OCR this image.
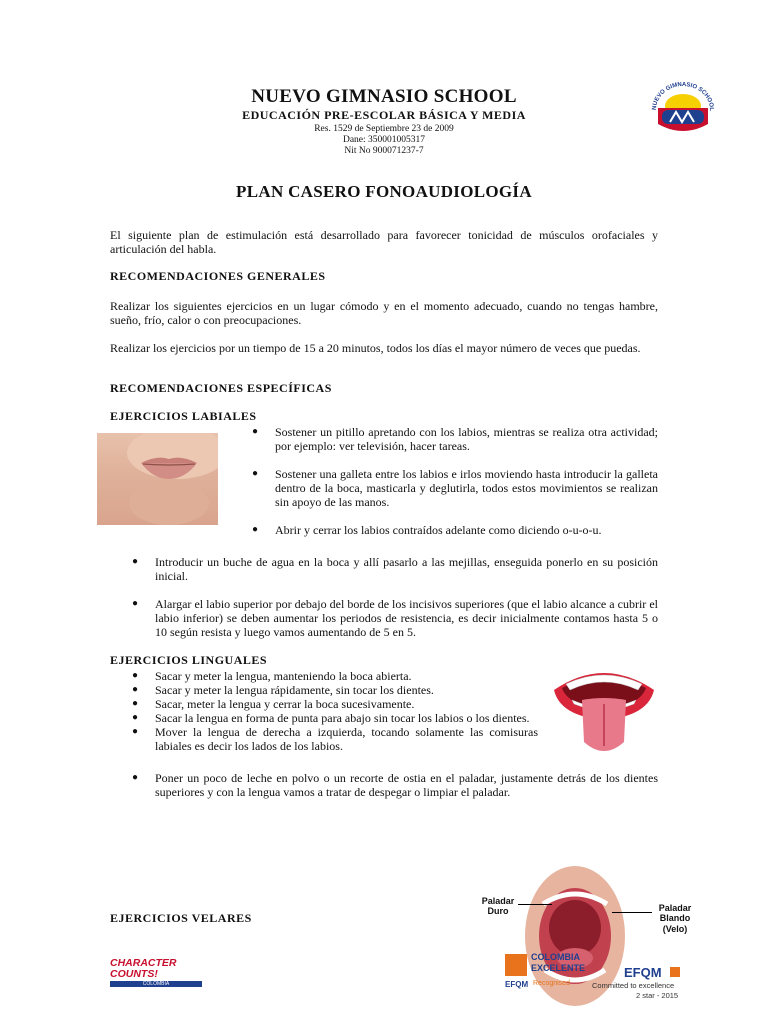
NUEVO GIMNASIO SCHOOL
EDUCACIÓN PRE-ESCOLAR BÁSICA Y MEDIA
Res. 1529 de Septiembre 23 de 2009
Dane: 350001005317
Nit No 900071237-7
NUEVO GIMNASIO SCHOOL
PLAN CASERO FONOAUDIOLOGÍA
El siguiente plan de estimulación está desarrollado para favorecer tonicidad de músculos orofaciales y articulación del habla.
RECOMENDACIONES GENERALES
Realizar los siguientes ejercicios en un lugar cómodo y en el momento adecuado, cuando no tengas hambre, sueño, frío, calor o con preocupaciones.
Realizar los ejercicios por un tiempo de 15 a 20 minutos, todos los días el mayor número de veces que puedas.
RECOMENDACIONES ESPECÍFICAS
EJERCICIOS LABIALES
● Sostener un pitillo apretando con los labios, mientras se realiza otra actividad; por ejemplo: ver televisión, hacer tareas.
● Sostener una galleta entre los labios e irlos moviendo hasta introducir la galleta dentro de la boca, masticarla y deglutirla, todos estos movimientos se realizan sin apoyo de las manos.
● Abrir y cerrar los labios contraídos adelante como diciendo o-u-o-u.
● Introducir un buche de agua en la boca y allí pasarlo a las mejillas, enseguida ponerlo en su posición inicial.
● Alargar el labio superior por debajo del borde de los incisivos superiores (que el labio alcance a cubrir el labio inferior) se deben aumentar los periodos de resistencia, es decir inicialmente contamos hasta 5 o 10 según resista y luego vamos aumentando de 5 en 5.
EJERCICIOS LINGUALES
● Sacar y meter la lengua, manteniendo la boca abierta.
● Sacar y meter la lengua rápidamente, sin tocar los dientes.
● Sacar, meter la lengua y cerrar la boca sucesivamente.
● Sacar la lengua en forma de punta para abajo sin tocar los labios o los dientes.
● Mover la lengua de derecha a izquierda, tocando solamente las comisuras labiales es decir los lados de los labios.
● Poner un poco de leche en polvo o un recorte de ostia en el paladar, justamente detrás de los dientes superiores y con la lengua vamos a tratar de despegar o limpiar el paladar.
EJERCICIOS VELARES
Paladar Duro	Paladar Blando
(Velo)
CHARACTER COUNTS!
COLOMBIA
COLOMBIA
EXCELENTE
EFQM Recognised
EFQM
Committed to excellence
2 star - 2015
